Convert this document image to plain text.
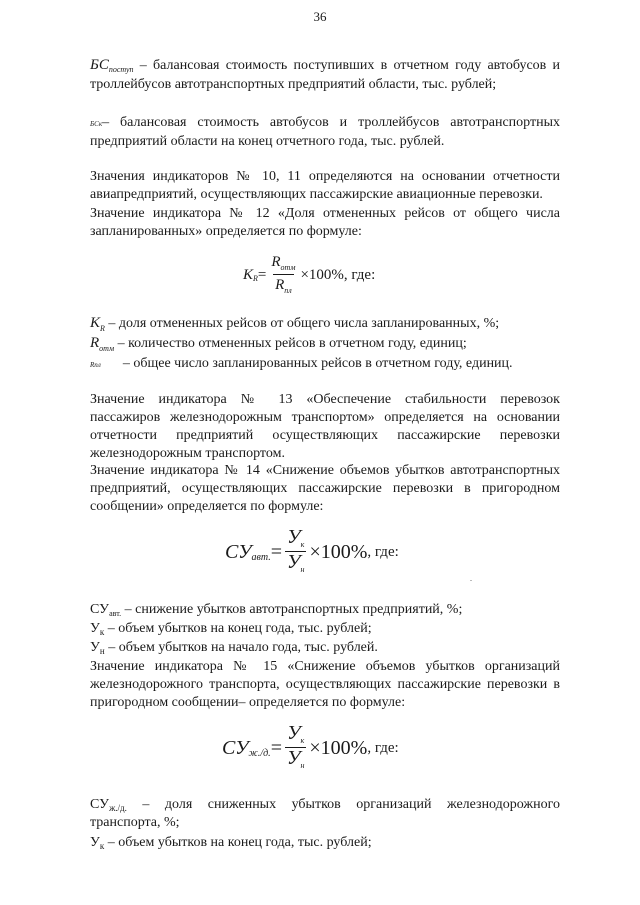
36
$БС_{поступ}$ – балансовая стоимость поступивших в отчетном году автобусов и троллейбусов автотранспортных предприятий области, тыс. рублей;
БСк– балансовая стоимость автобусов и троллейбусов автотранспортных предприятий области на конец отчетного года, тыс. рублей.
Значения индикаторов № 10, 11 определяются на основании отчетности авиапредприятий, осуществляющих пассажирские авиационные перевозки.
Значение индикатора № 12 «Доля отмененных рейсов от общего числа запланированных» определяется по формуле:
K $R = \frac{R_{отм}}{R_{пл}} \times 100\%$, где:
$K_R$ – доля отмененных рейсов от общего числа запланированных, %;
$R_{отм}$ – количество отмененных рейсов в отчетном году, единиц;
Rпл – общее число запланированных рейсов в отчетном году, единиц.
Значение индикатора № 13 «Обеспечение стабильности перевозок пассажиров железнодорожным транспортом» определяется на основании отчетности предприятий осуществляющих пассажирские перевозки железнодорожным транспортом.
Значение индикатора № 14 «Снижение объемов убытков автотранспортных предприятий, осуществляющих пассажирские перевозки в пригородном сообщении» определяется по формуле:
СУ авт. = $\frac{У_к}{У_н} \times 100\%$ , где:
$СУ_{авт.}$ – снижение убытков автотранспортных предприятий, %;
$У_к$ – объем убытков на конец года, тыс. рублей;
$У_н$ – объем убытков на начало года, тыс. рублей.
Значение индикатора № 15 «Снижение объемов убытков организаций железнодорожного транспорта, осуществляющих пассажирские перевозки в пригородном сообщении– определяется по формуле:
СУ ж./д. = $\frac{У_к}{У_н} \times 100\%$ , где:
$СУ_{ж./д.}$ – доля сниженных убытков организаций железнодорожного транспорта, %;
$У_к$ – объем убытков на конец года, тыс. рублей;
